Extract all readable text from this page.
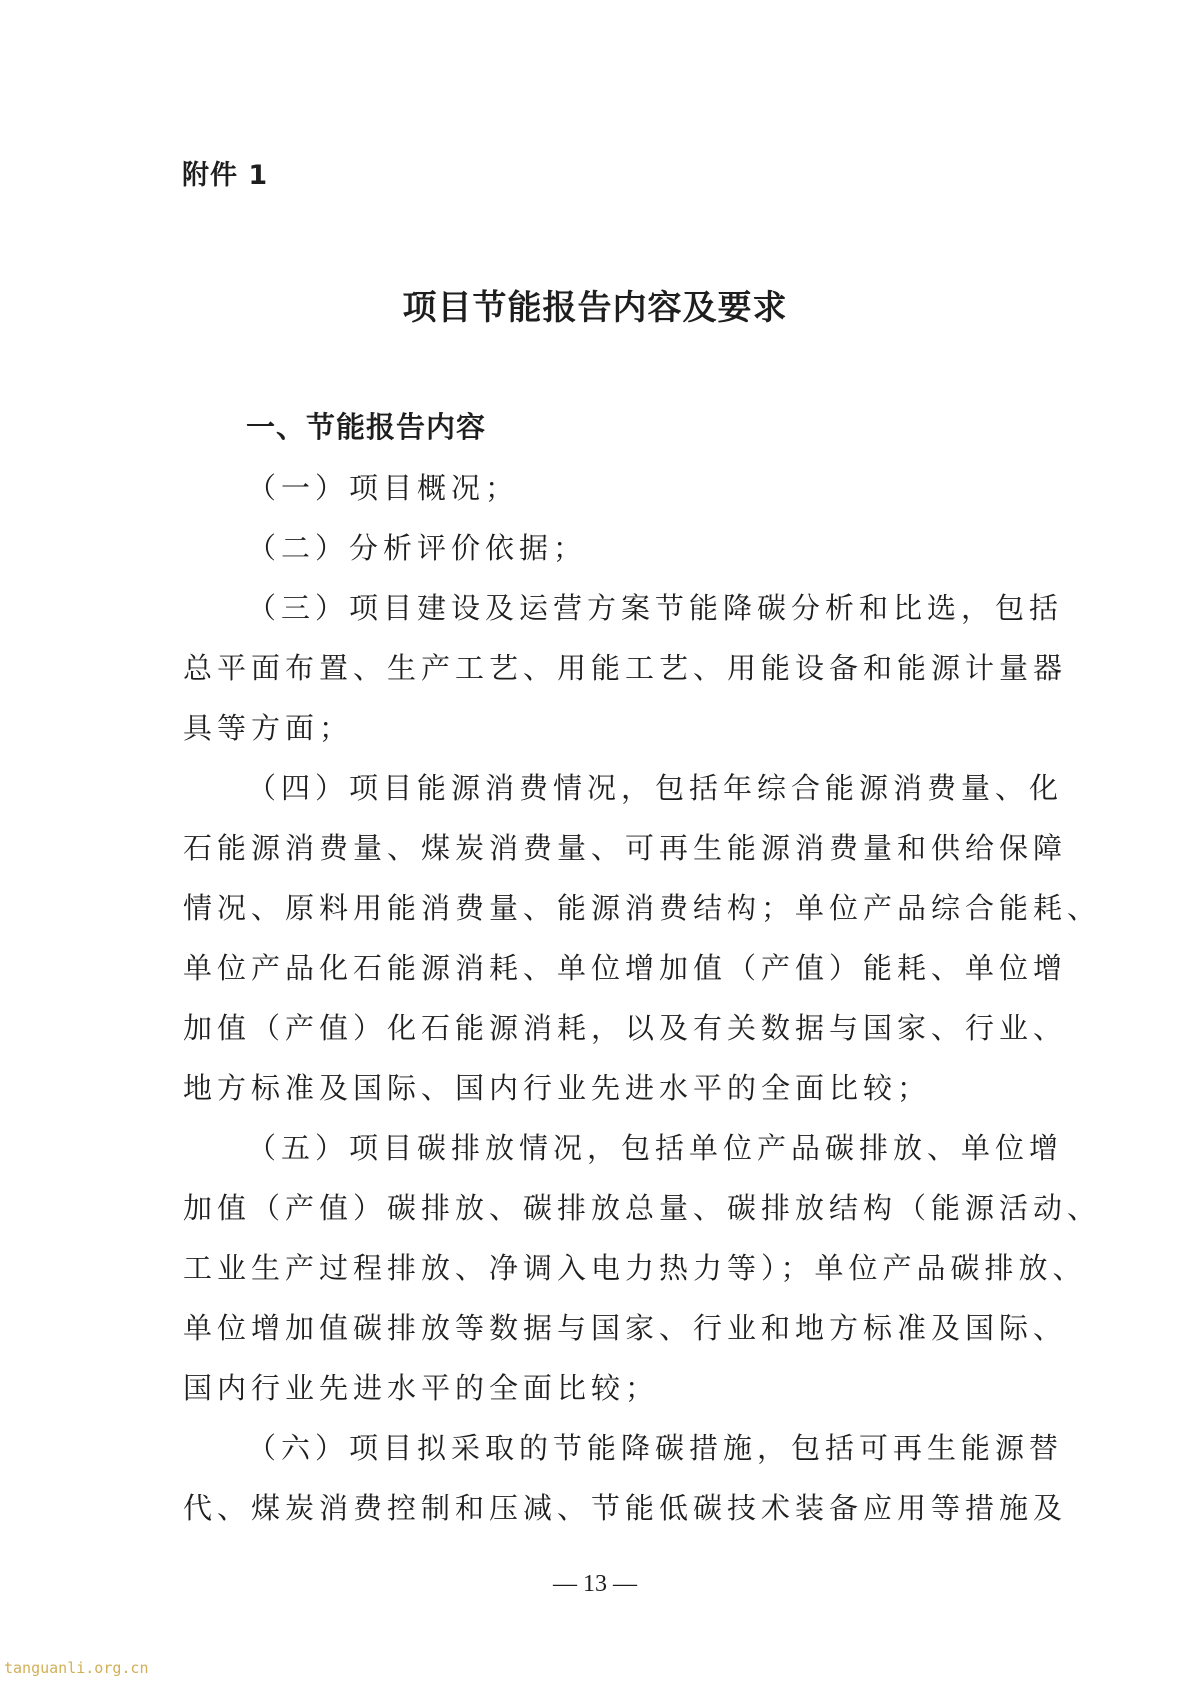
附件 1
项目节能报告内容及要求
一、节能报告内容
（一）项目概况；
（二）分析评价依据；
（三）项目建设及运营方案节能降碳分析和比选，包括
总平面布置、生产工艺、用能工艺、用能设备和能源计量器
具等方面；
（四）项目能源消费情况，包括年综合能源消费量、化
石能源消费量、煤炭消费量、可再生能源消费量和供给保障
情况、原料用能消费量、能源消费结构；单位产品综合能耗、
单位产品化石能源消耗、单位增加值（产值）能耗、单位增
加值（产值）化石能源消耗，以及有关数据与国家、行业、
地方标准及国际、国内行业先进水平的全面比较；
（五）项目碳排放情况，包括单位产品碳排放、单位增
加值（产值）碳排放、碳排放总量、碳排放结构（能源活动、
工业生产过程排放、净调入电力热力等）；单位产品碳排放、
单位增加值碳排放等数据与国家、行业和地方标准及国际、
国内行业先进水平的全面比较；
（六）项目拟采取的节能降碳措施，包括可再生能源替
代、煤炭消费控制和压减、节能低碳技术装备应用等措施及
— 13 —
tanguanli.org.cn
